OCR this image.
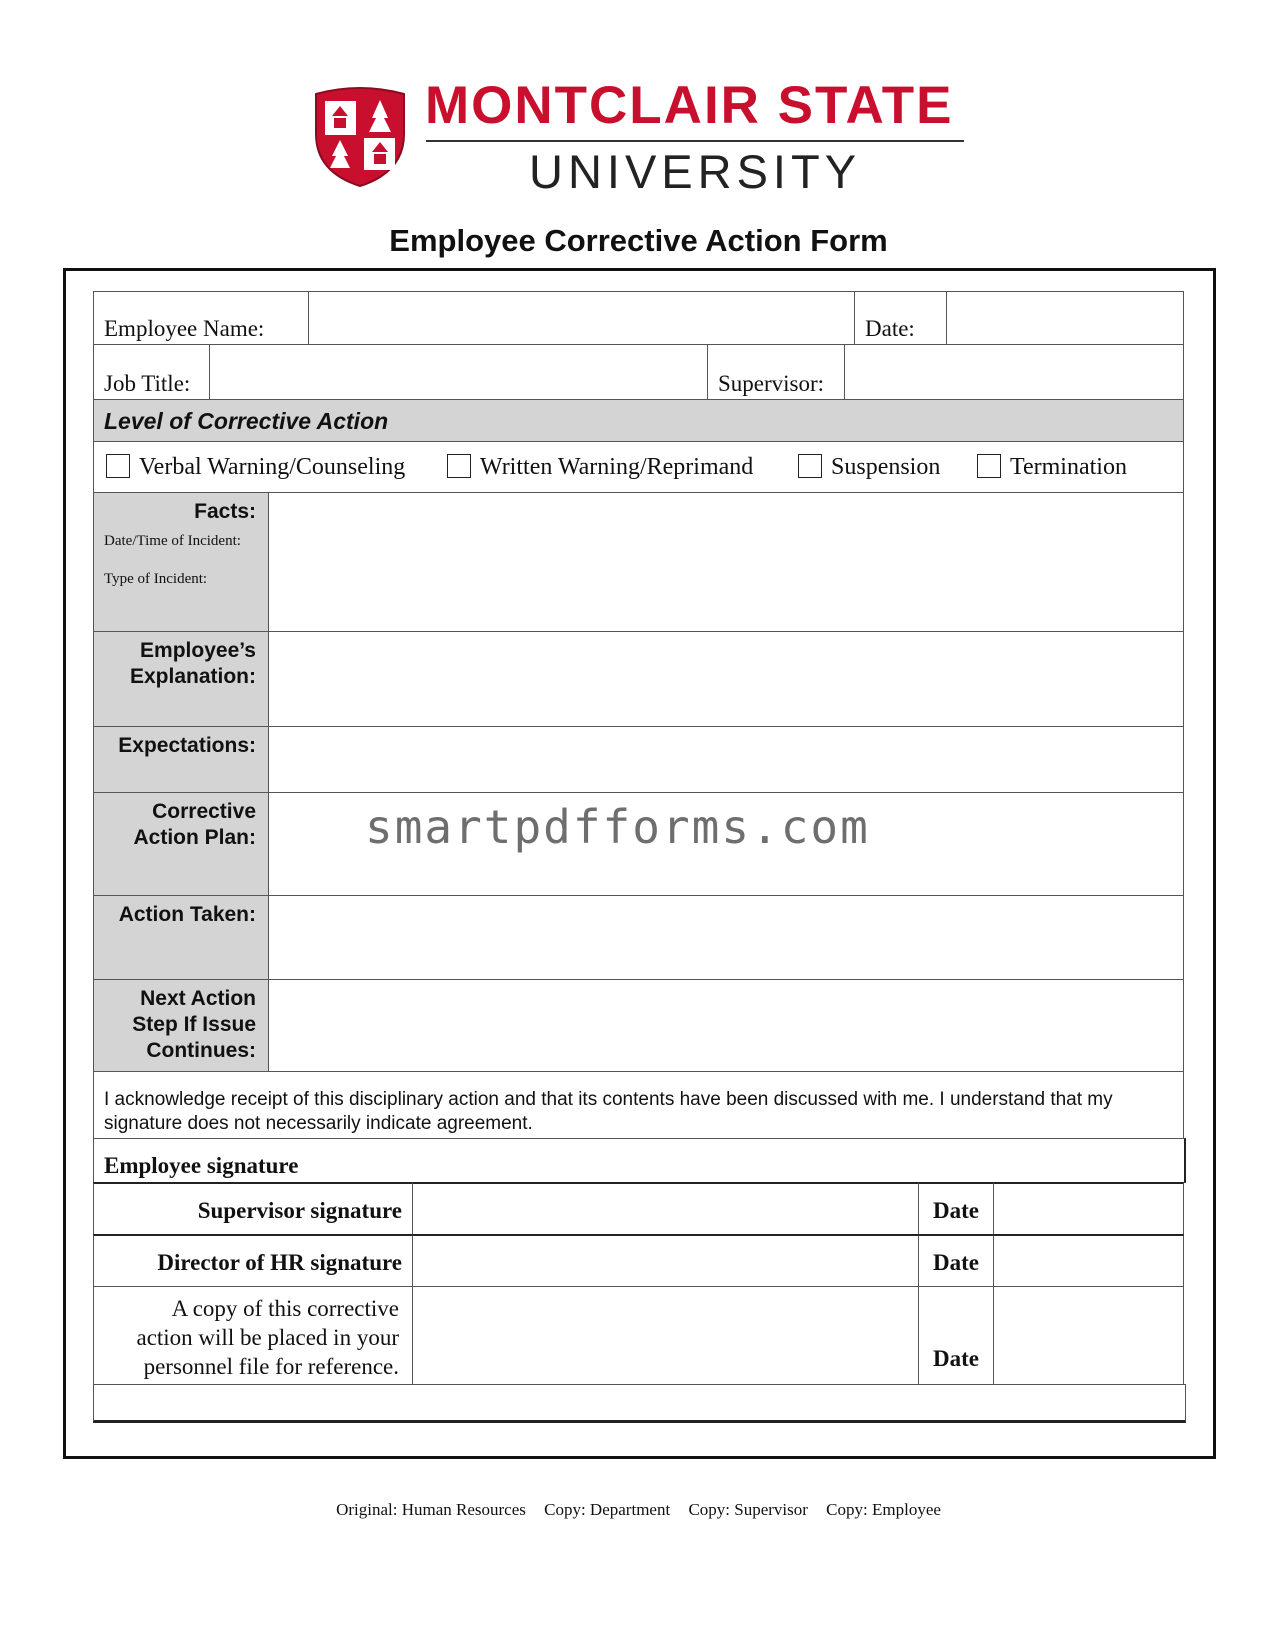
MONTCLAIR STATE
UNIVERSITY
Employee Corrective Action Form
Employee Name:	Date:
Job Title:	Supervisor:
Level of Corrective Action
Verbal Warning/Counseling	Written Warning/Reprimand	Suspension	Termination
Facts:
Date/Time of Incident:
Type of Incident:
Employee’s
Explanation:
Expectations:
Corrective
Action Plan:
Action Taken:
Next Action
Step If Issue
Continues:
I acknowledge receipt of this disciplinary action and that its contents have been discussed with me. I understand that my signature does not necessarily indicate agreement.
Employee signature
Supervisor signature	Date
Director of HR signature	Date
A copy of this corrective
action will be placed in your
personnel file for reference.	Date
smartpdfforms.com
Original: Human Resources Copy: Department Copy: Supervisor Copy: Employee
